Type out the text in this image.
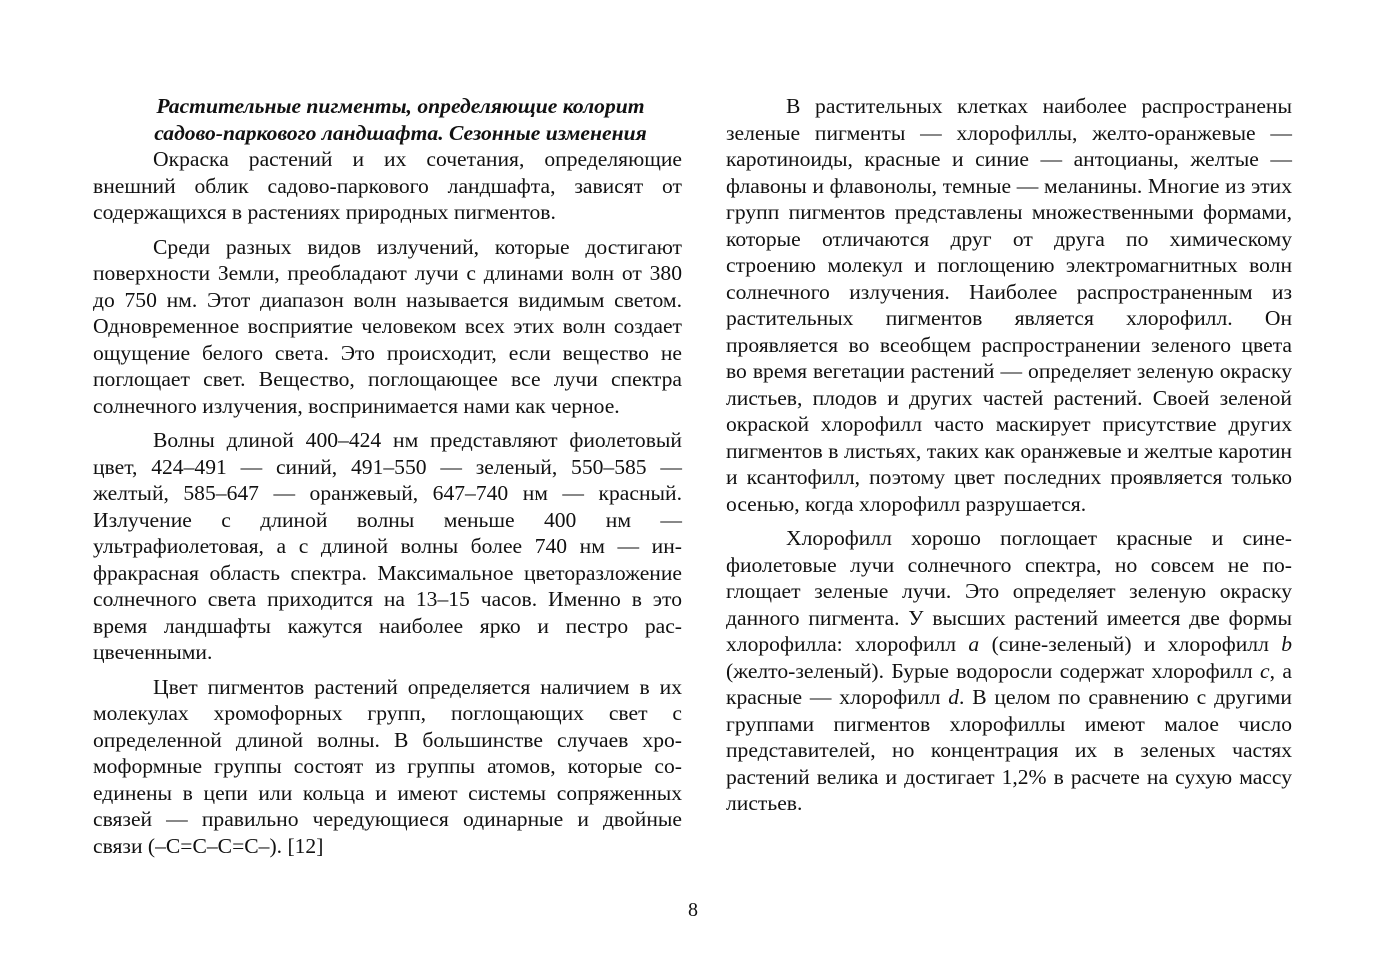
Растительные пигменты, определяющие колорит
садово-паркового ландшафта. Сезонные изменения

Окраска растений и их сочетания, определяющие внешний облик садово-паркового ландшафта, зависят от содержащихся в растениях природных пигментов.

Среди разных видов излучений, которые достигают поверхности Земли, преобладают лучи с длинами волн от 380 до 750 нм. Этот диапазон волн называется видимым светом. Одновременное восприятие человеком всех этих волн создает ощущение белого света. Это происходит, если вещество не поглощает свет. Вещество, поглощающее все лучи спектра солнечного излучения, воспринимается нами как черное.

Волны длиной 400–424 нм представляют фиолетовый цвет, 424–491 — синий, 491–550 — зеленый, 550–585 — желтый, 585–647 — оранжевый, 647–740 нм — красный. Излучение с длиной волны меньше 400 нм — ультрафиолетовая, а с длиной волны более 740 нм — инфракрасная область спектра. Максимальное цветоразложение солнечного света приходится на 13–15 часов. Именно в это время ландшафты кажутся наиболее ярко и пестро расцвеченными.

Цвет пигментов растений определяется наличием в их молекулах хромофорных групп, поглощающих свет с определенной длиной волны. В большинстве случаев хромоформные группы состоят из группы атомов, которые соединены в цепи или кольца и имеют системы сопряженных связей — правильно чередующиеся одинарные и двойные связи (–С=С–С=С–). [12]

В растительных клетках наиболее распространены зеленые пигменты — хлорофиллы, желто-оранжевые — каротиноиды, красные и синие — антоцианы, желтые — флавоны и флавонолы, темные — меланины. Многие из этих групп пигментов представлены множественными формами, которые отличаются друг от друга по химическому строению молекул и поглощению электромагнитных волн солнечного излучения. Наиболее распространенным из растительных пигментов является хлорофилл. Он проявляется во всеобщем распространении зеленого цвета во время вегетации растений — определяет зеленую окраску листьев, плодов и других частей растений. Своей зеленой окраской хлорофилл часто маскирует присутствие других пигментов в листьях, таких как оранжевые и желтые каротин и ксантофилл, поэтому цвет последних проявляется только осенью, когда хлорофилл разрушается.

Хлорофилл хорошо поглощает красные и сине-фиолетовые лучи солнечного спектра, но совсем не поглощает зеленые лучи. Это определяет зеленую окраску данного пигмента. У высших растений имеется две формы хлорофилла: хлорофилл a (сине-зеленый) и хлорофилл b (желто-зеленый). Бурые водоросли содержат хлорофилл c, а красные — хлорофилл d. В целом по сравнению с другими группами пигментов хлорофиллы имеют малое число представителей, но концентрация их в зеленых частях растений велика и достигает 1,2% в расчете на сухую массу листьев.

8
